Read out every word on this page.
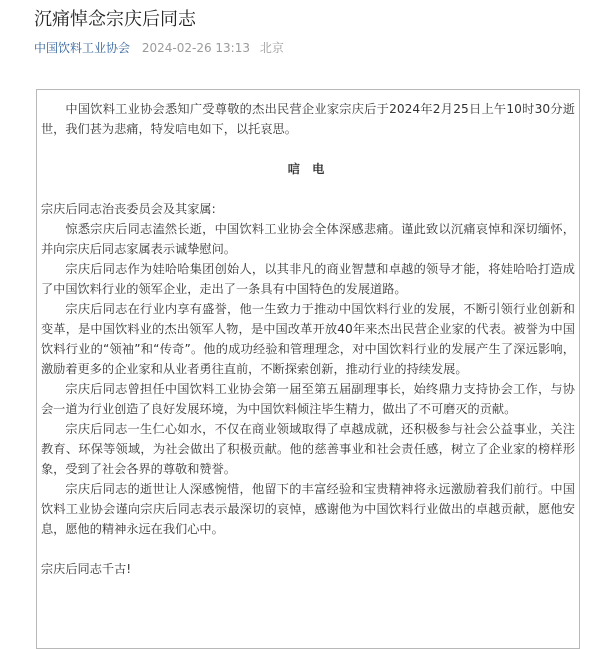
沉痛悼念宗庆后同志
中国饮料工业协会 2024-02-26 13:13 北京

中国饮料工业协会悉知广受尊敬的杰出民营企业家宗庆后于2024年2月25日上午10时30分逝世，我们甚为悲痛，特发唁电如下，以托哀思。

唁 电

宗庆后同志治丧委员会及其家属:

惊悉宗庆后同志溘然长逝，中国饮料工业协会全体深感悲痛。谨此致以沉痛哀悼和深切缅怀，并向宗庆后同志家属表示诚挚慰问。

宗庆后同志作为娃哈哈集团创始人，以其非凡的商业智慧和卓越的领导才能，将娃哈哈打造成了中国饮料行业的领军企业，走出了一条具有中国特色的发展道路。

宗庆后同志在行业内享有盛誉，他一生致力于推动中国饮料行业的发展，不断引领行业创新和变革，是中国饮料业的杰出领军人物，是中国改革开放40年来杰出民营企业家的代表。被誉为中国饮料行业的“领袖”和“传奇”。他的成功经验和管理理念，对中国饮料行业的发展产生了深远影响，激励着更多的企业家和从业者勇往直前，不断探索创新，推动行业的持续发展。

宗庆后同志曾担任中国饮料工业协会第一届至第五届副理事长，始终鼎力支持协会工作，与协会一道为行业创造了良好发展环境，为中国饮料倾注毕生精力，做出了不可磨灭的贡献。

宗庆后同志一生仁心如水，不仅在商业领域取得了卓越成就，还积极参与社会公益事业，关注教育、环保等领域，为社会做出了积极贡献。他的慈善事业和社会责任感，树立了企业家的榜样形象，受到了社会各界的尊敬和赞誉。

宗庆后同志的逝世让人深感惋惜，他留下的丰富经验和宝贵精神将永远激励着我们前行。中国饮料工业协会谨向宗庆后同志表示最深切的哀悼，感谢他为中国饮料行业做出的卓越贡献，愿他安息，愿他的精神永远在我们心中。

宗庆后同志千古!
